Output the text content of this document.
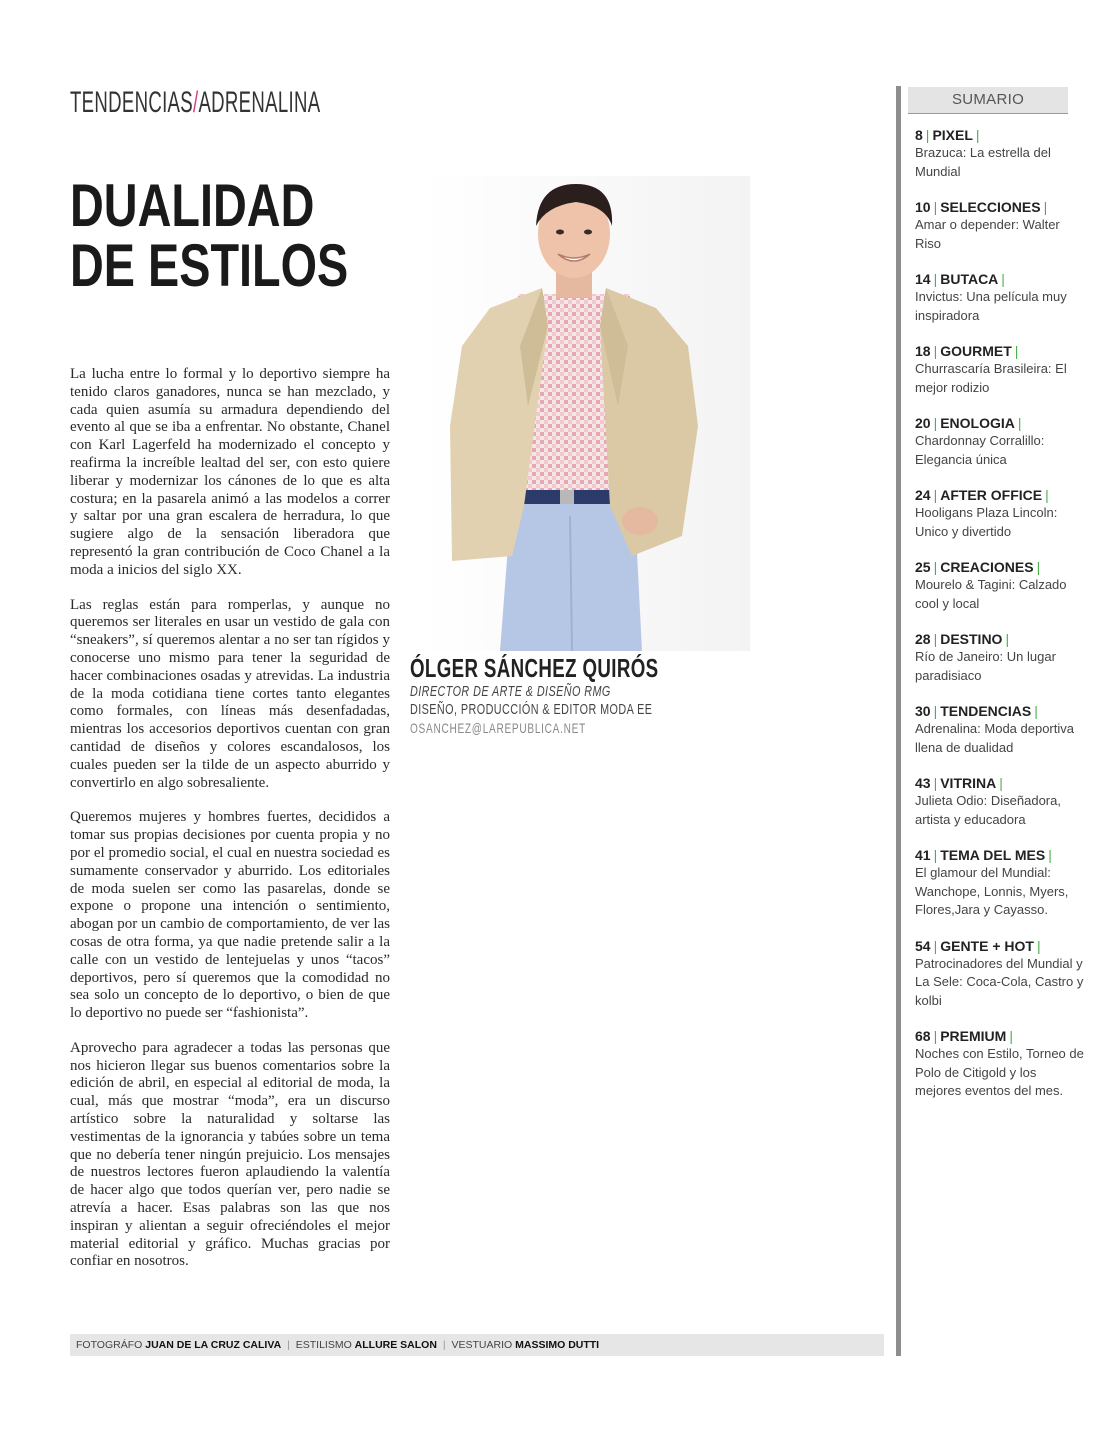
TENDENCIAS/ADRENALINA
DUALIDAD
DE ESTILOS

La lucha entre lo formal y lo deportivo siempre ha tenido claros ganadores, nunca se han mezclado, y cada quien asumía su armadura dependiendo del evento al que se iba a enfrentar. No obstante, Chanel con Karl Lagerfeld ha modernizado el concepto y reafirma la increíble lealtad del ser, con esto quiere liberar y modernizar los cánones de lo que es alta costura; en la pasarela animó a las modelos a correr y saltar por una gran escalera de herradura, lo que sugiere algo de la sensación liberadora que representó la gran contribución de Coco Chanel a la moda a inicios del siglo XX.

Las reglas están para romperlas, y aunque no queremos ser literales en usar un vestido de gala con “sneakers”, sí queremos alentar a no ser tan rígidos y conocerse uno mismo para tener la seguridad de hacer combinaciones osadas y atrevidas. La industria de la moda cotidiana tiene cortes tanto elegantes como formales, con líneas más desenfadadas, mientras los accesorios deportivos cuentan con gran cantidad de diseños y colores escandalosos, los cuales pueden ser la tilde de un aspecto aburrido y convertirlo en algo sobresaliente.

Queremos mujeres y hombres fuertes, decididos a tomar sus propias decisiones por cuenta propia y no por el promedio social, el cual en nuestra sociedad es sumamente conservador y aburrido. Los editoriales de moda suelen ser como las pasarelas, donde se expone o propone una intención o sentimiento, abogan por un cambio de comportamiento, de ver las cosas de otra forma, ya que nadie pretende salir a la calle con un vestido de lentejuelas y unos “tacos” deportivos, pero sí queremos que la comodidad no sea solo un concepto de lo deportivo, o bien de que lo deportivo no puede ser “fashionista”.

Aprovecho para agradecer a todas las personas que nos hicieron llegar sus buenos comentarios sobre la edición de abril, en especial al editorial de moda, la cual, más que mostrar “moda”, era un discurso artístico sobre la naturalidad y soltarse las vestimentas de la ignorancia y tabúes sobre un tema que no debería tener ningún prejuicio. Los mensajes de nuestros lectores fueron aplaudiendo la valentía de hacer algo que todos querían ver, pero nadie se atrevía a hacer. Esas palabras son las que nos inspiran y alientan a seguir ofreciéndoles el mejor material editorial y gráfico. Muchas gracias por confiar en nosotros.

ÓLGER SÁNCHEZ QUIRÓS
DIRECTOR DE ARTE & DISEÑO RMG
DISEÑO, PRODUCCIÓN & EDITOR MODA EE
OSANCHEZ@LAREPUBLICA.NET
FOTOGRÁFO JUAN DE LA CRUZ CALIVA | ESTILISMO ALLURE SALON | VESTUARIO MASSIMO DUTTI
SUMARIO
8 | PIXEL |
Brazuca: La estrella del Mundial
10 | SELECCIONES |
Amar o depender: Walter Riso
14 | BUTACA |
Invictus: Una película muy inspiradora
18 | GOURMET |
Churrascaría Brasileira: El mejor rodizio
20 | ENOLOGIA |
Chardonnay Corralillo: Elegancia única
24 | AFTER OFFICE |
Hooligans Plaza Lincoln: Unico y divertido
25 | CREACIONES |
Mourelo & Tagini: Calzado cool y local
28 | DESTINO |
Río de Janeiro: Un lugar paradisiaco
30 | TENDENCIAS |
Adrenalina: Moda deportiva llena de dualidad
43 | VITRINA |
Julieta Odio: Diseñadora, artista y educadora
41 | TEMA DEL MES |
El glamour del Mundial: Wanchope, Lonnis, Myers, Flores,Jara y Cayasso.
54 | GENTE + HOT |
Patrocinadores del Mundial y La Sele: Coca-Cola, Castro y kolbi
68 | PREMIUM |
Noches con Estilo, Torneo de Polo de Citigold y los mejores eventos del mes.
